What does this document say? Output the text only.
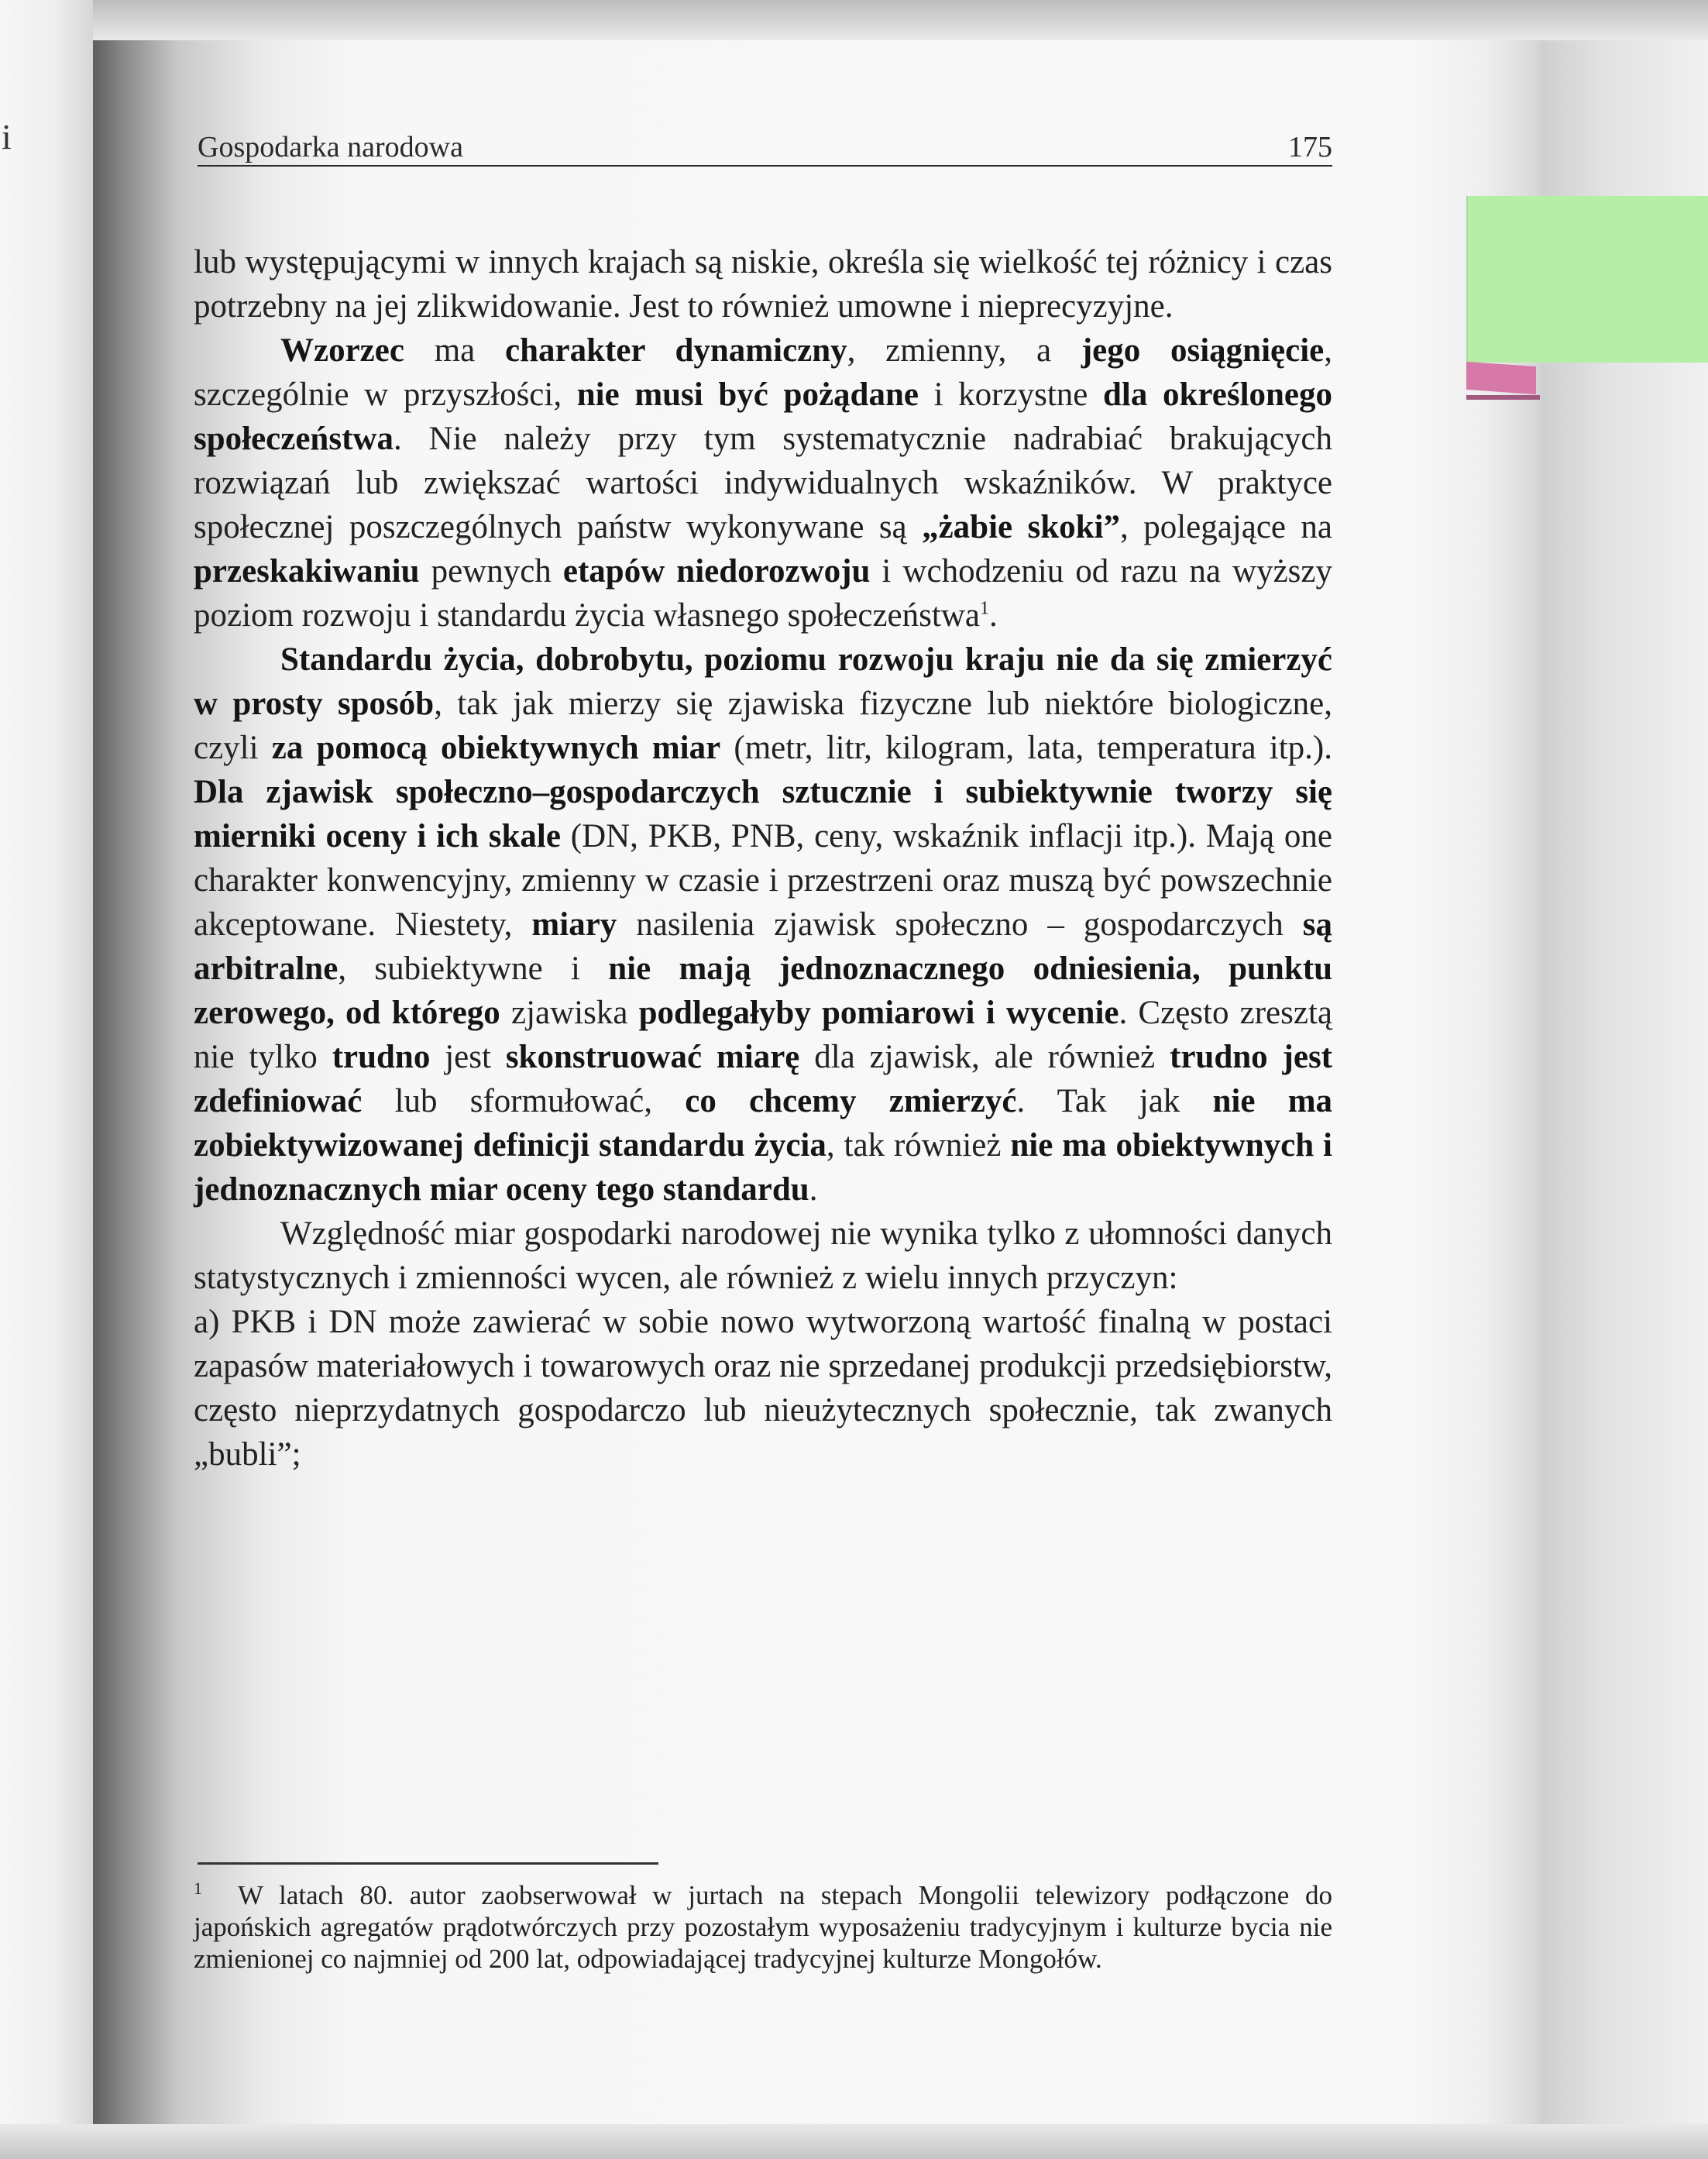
i	Gospodarka narodowa	175

lub występującymi w innych krajach są niskie, określa się wielkość tej różnicy i czas potrzebny na jej zlikwidowanie. Jest to również umowne i nieprecyzyjne.

Wzorzec ma charakter dynamiczny, zmienny, a jego osiągnięcie, szczególnie w przyszłości, nie musi być pożądane i korzystne dla określonego społeczeństwa. Nie należy przy tym systematycznie nadrabiać brakujących rozwiązań lub zwiększać wartości indywidualnych wskaźników. W praktyce społecznej poszczególnych państw wykonywane są „żabie skoki”, polegające na przeskakiwaniu pewnych etapów niedorozwoju i wchodzeniu od razu na wyższy poziom rozwoju i standardu życia własnego społeczeństwa$^1$.

Standardu życia, dobrobytu, poziomu rozwoju kraju nie da się zmierzyć w prosty sposób, tak jak mierzy się zjawiska fizyczne lub niektóre biologiczne, czyli za pomocą obiektywnych miar (metr, litr, kilogram, lata, temperatura itp.). Dla zjawisk społeczno–gospodarczych sztucznie i subiektywnie tworzy się mierniki oceny i ich skale (DN, PKB, PNB, ceny, wskaźnik inflacji itp.). Mają one charakter konwencyjny, zmienny w czasie i przestrzeni oraz muszą być powszechnie akceptowane. Niestety, miary nasilenia zjawisk społeczno – gospodarczych są arbitralne, subiektywne i nie mają jednoznacznego odniesienia, punktu zerowego, od którego zjawiska podlegałyby pomiarowi i wycenie. Często zresztą nie tylko trudno jest skonstruować miarę dla zjawisk, ale również trudno jest zdefiniować lub sformułować, co chcemy zmierzyć. Tak jak nie ma zobiektywizowanej definicji standardu życia, tak również nie ma obiektywnych i jednoznacznych miar oceny tego standardu.

Względność miar gospodarki narodowej nie wynika tylko z ułomności danych statystycznych i zmienności wycen, ale również z wielu innych przyczyn:

a) PKB i DN może zawierać w sobie nowo wytworzoną wartość finalną w postaci zapasów materiałowych i towarowych oraz nie sprzedanej produkcji przedsiębiorstw, często nieprzydatnych gospodarczo lub nieużytecznych społecznie, tak zwanych „bubli”;

$^1$ W latach 80. autor zaobserwował w jurtach na stepach Mongolii telewizory podłączone do japońskich agregatów prądotwórczych przy pozostałym wyposażeniu tradycyjnym i kulturze bycia nie zmienionej co najmniej od 200 lat, odpowiadającej tradycyjnej kulturze Mongołów.
